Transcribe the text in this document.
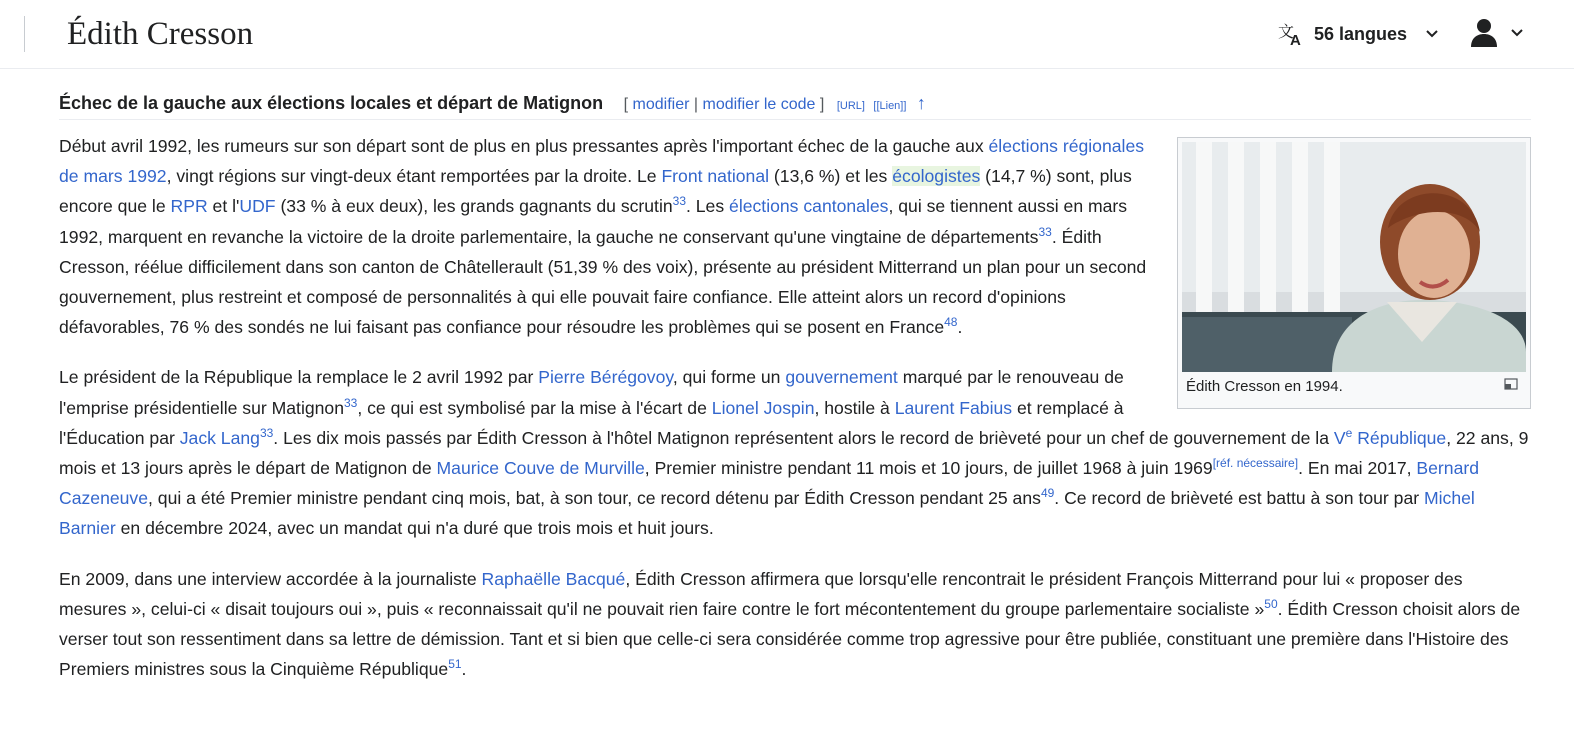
Édith Cresson	文
A 56 langues
Échec de la gauche aux élections locales et départ de Matignon [ modifier | modifier le code ] [URL] [[Lien]] ↑
Édith Cresson en 1994.

Début avril 1992, les rumeurs sur son départ sont de plus en plus pressantes après l'important échec de la gauche aux élections régionales de mars 1992, vingt régions sur vingt-deux étant remportées par la droite. Le Front national (13,6 %) et les écologistes (14,7 %) sont, plus encore que le RPR et l'UDF (33 % à eux deux), les grands gagnants du scrutin$^{33}$. Les élections cantonales, qui se tiennent aussi en mars 1992, marquent en revanche la victoire de la droite parlementaire, la gauche ne conservant qu'une vingtaine de départements$^{33}$. Édith Cresson, réélue difficilement dans son canton de Châtellerault (51,39 % des voix), présente au président Mitterrand un plan pour un second gouvernement, plus restreint et composé de personnalités à qui elle pouvait faire confiance. Elle atteint alors un record d'opinions défavorables, 76 % des sondés ne lui faisant pas confiance pour résoudre les problèmes qui se posent en France$^{48}$.

Le président de la République la remplace le 2 avril 1992 par Pierre Bérégovoy, qui forme un gouvernement marqué par le renouveau de l'emprise présidentielle sur Matignon$^{33}$, ce qui est symbolisé par la mise à l'écart de Lionel Jospin, hostile à Laurent Fabius et remplacé à l'Éducation par Jack Lang$^{33}$. Les dix mois passés par Édith Cresson à l'hôtel Matignon représentent alors le record de brièveté pour un chef de gouvernement de la Ve République, 22 ans, 9 mois et 13 jours après le départ de Matignon de Maurice Couve de Murville, Premier ministre pendant 11 mois et 10 jours, de juillet 1968 à juin 1969[réf. nécessaire]. En mai 2017, Bernard Cazeneuve, qui a été Premier ministre pendant cinq mois, bat, à son tour, ce record détenu par Édith Cresson pendant 25 ans$^{49}$. Ce record de brièveté est battu à son tour par Michel Barnier en décembre 2024, avec un mandat qui n'a duré que trois mois et huit jours.

En 2009, dans une interview accordée à la journaliste Raphaëlle Bacqué, Édith Cresson affirmera que lorsqu'elle rencontrait le président François Mitterrand pour lui « proposer des mesures », celui-ci « disait toujours oui », puis « reconnaissait qu'il ne pouvait rien faire contre le fort mécontentement du groupe parlementaire socialiste »$^{50}$. Édith Cresson choisit alors de verser tout son ressentiment dans sa lettre de démission. Tant et si bien que celle-ci sera considérée comme trop agressive pour être publiée, constituant une première dans l'Histoire des Premiers ministres sous la Cinquième République$^{51}$.
